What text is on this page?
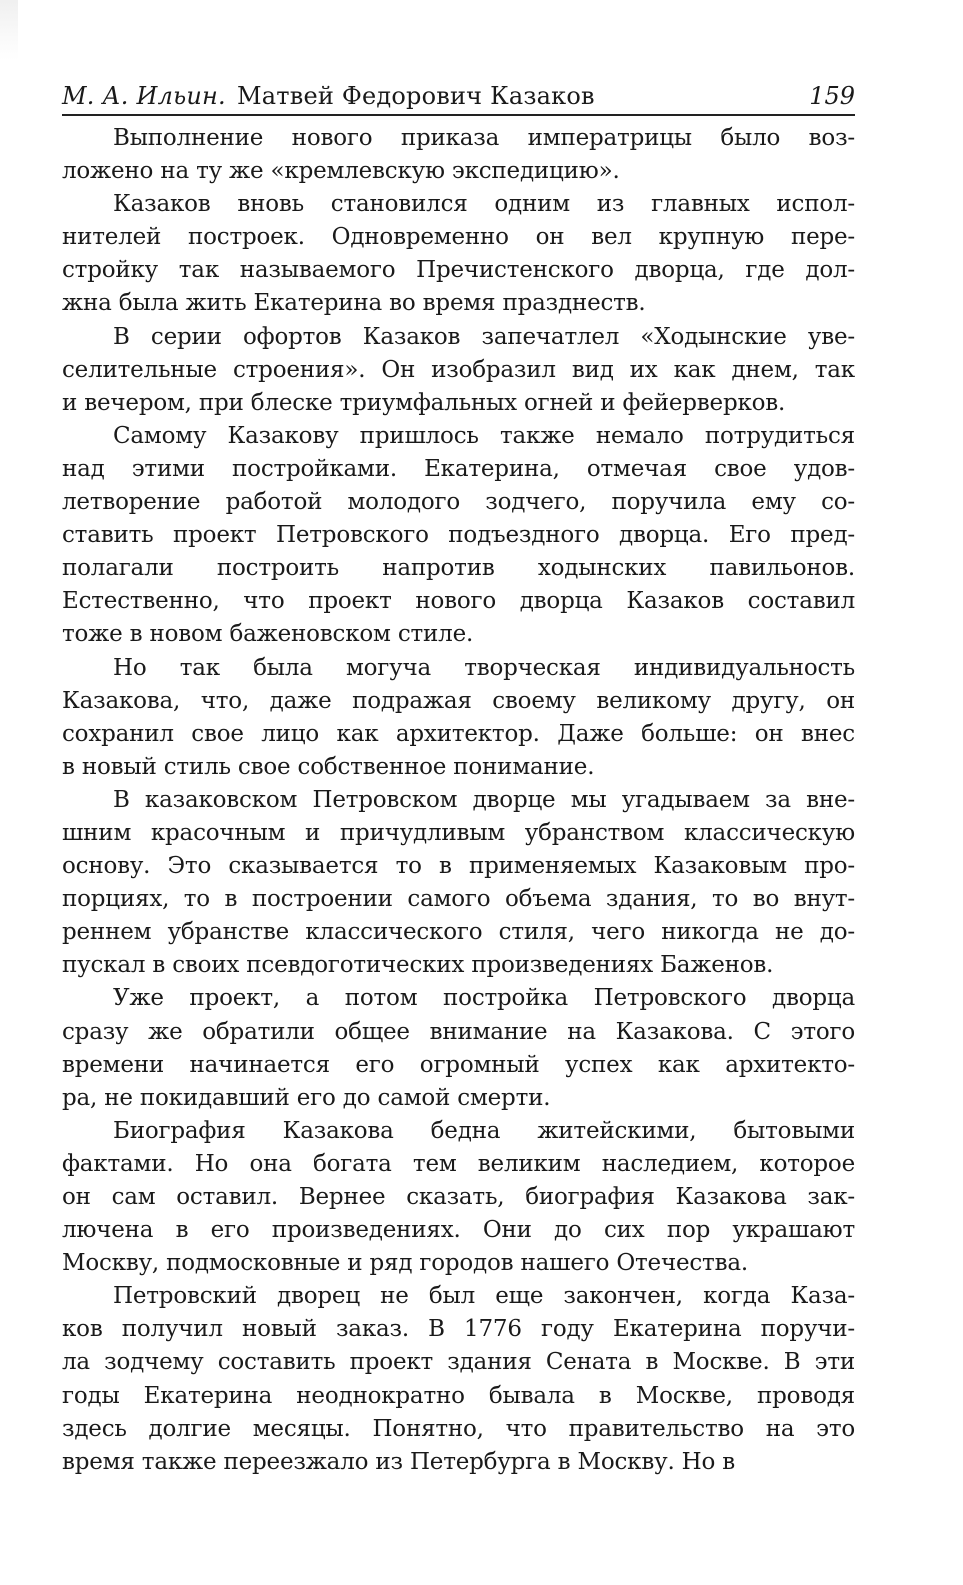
М. А. Ильин. Матвей Федорович Казаков	159
Выполнение нового приказа императрицы было воз-
ложено на ту же «кремлевскую экспедицию».
Казаков вновь становился одним из главных испол-
нителей построек. Одновременно он вел крупную пере-
стройку так называемого Пречистенского дворца, где дол-
жна была жить Екатерина во время празднеств.
В серии офортов Казаков запечатлел «Ходынские уве-
селительные строения». Он изобразил вид их как днем, так
и вечером, при блеске триумфальных огней и фейерверков.
Самому Казакову пришлось также немало потрудиться
над этими постройками. Екатерина, отмечая свое удов-
летворение работой молодого зодчего, поручила ему со-
ставить проект Петровского подъездного дворца. Его пред-
полагали построить напротив ходынских павильонов.
Естественно, что проект нового дворца Казаков составил
тоже в новом баженовском стиле.
Но так была могуча творческая индивидуальность
Казакова, что, даже подражая своему великому другу, он
сохранил свое лицо как архитектор. Даже больше: он внес
в новый стиль свое собственное понимание.
В казаковском Петровском дворце мы угадываем за вне-
шним красочным и причудливым убранством классическую
основу. Это сказывается то в применяемых Казаковым про-
порциях, то в построении самого объема здания, то во внут-
реннем убранстве классического стиля, чего никогда не до-
пускал в своих псевдоготических произведениях Баженов.
Уже проект, а потом постройка Петровского дворца
сразу же обратили общее внимание на Казакова. С этого
времени начинается его огромный успех как архитекто-
ра, не покидавший его до самой смерти.
Биография Казакова бедна житейскими, бытовыми
фактами. Но она богата тем великим наследием, которое
он сам оставил. Вернее сказать, биография Казакова зак-
лючена в его произведениях. Они до сих пор украшают
Москву, подмосковные и ряд городов нашего Отечества.
Петровский дворец не был еще закончен, когда Каза-
ков получил новый заказ. В 1776 году Екатерина поручи-
ла зодчему составить проект здания Сената в Москве. В эти
годы Екатерина неоднократно бывала в Москве, проводя
здесь долгие месяцы. Понятно, что правительство на это
время также переезжало из Петербурга в Москву. Но в
